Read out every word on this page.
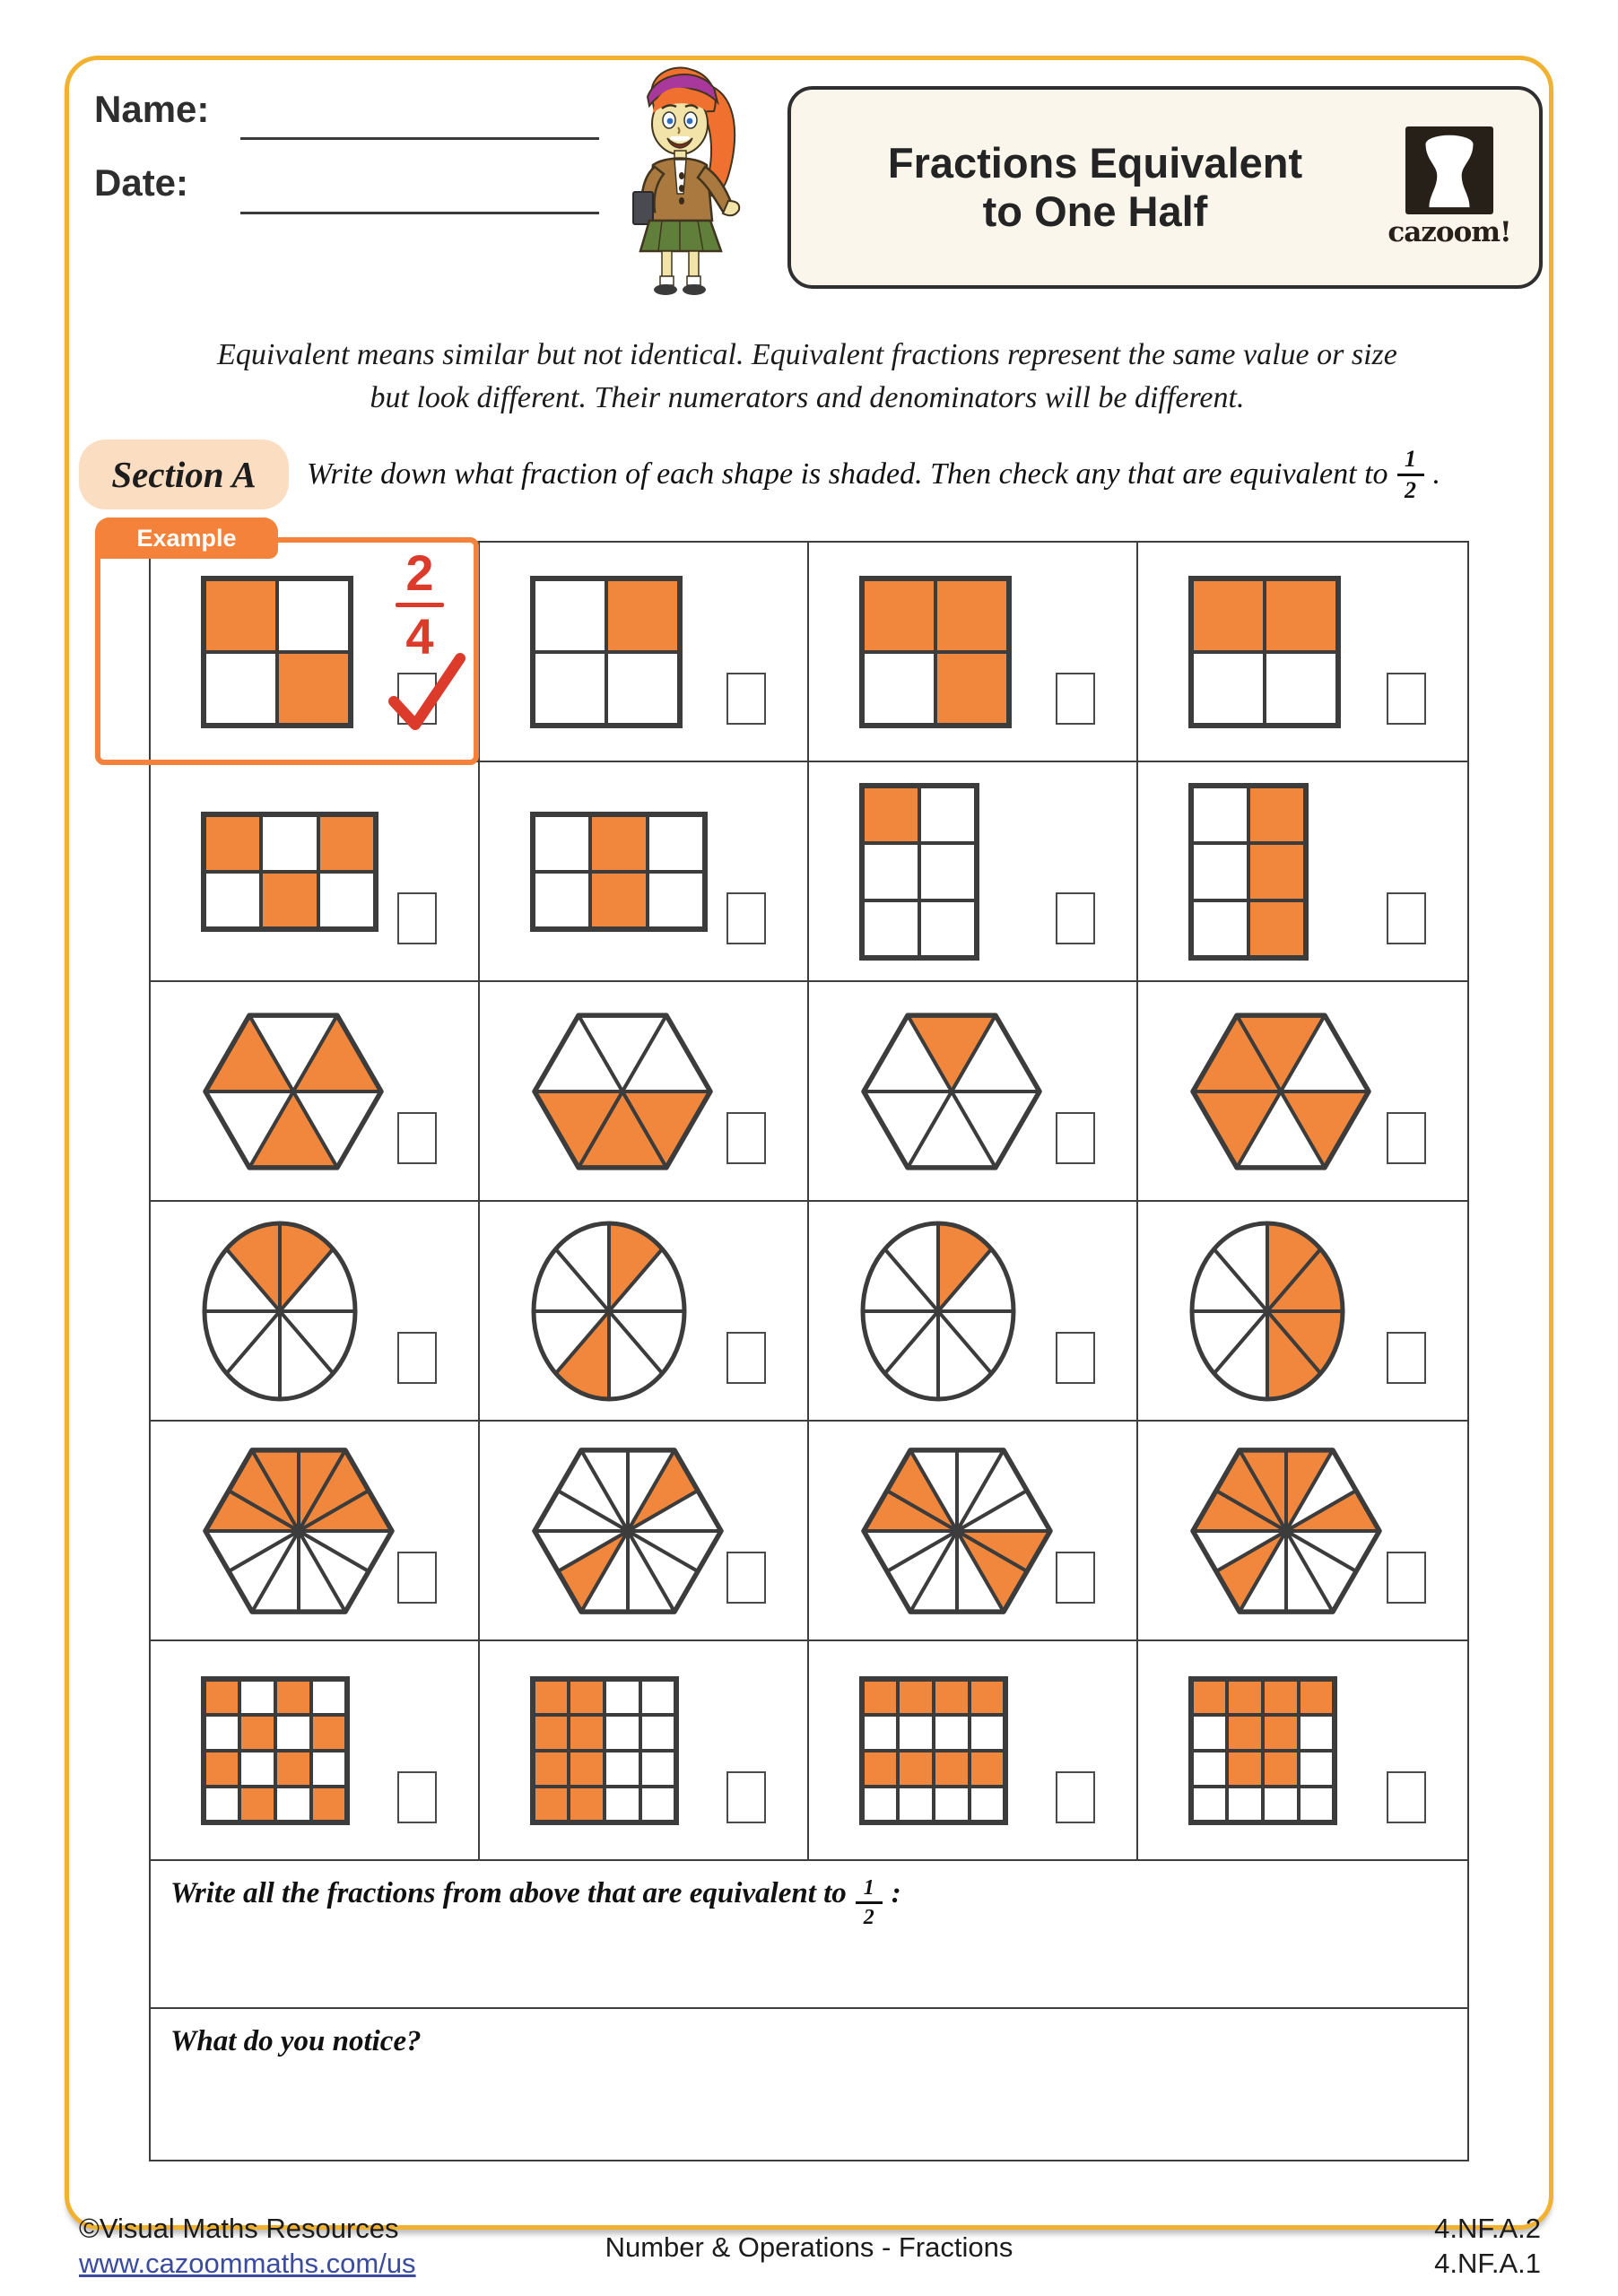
Name:
Date:	Fractions Equivalent
to One Half	cazoom!
Equivalent means similar but not identical. Equivalent fractions represent the same value or size
but look different. Their numerators and denominators will be different.
Section A	Write down what fraction of each shape is shaded. Then check any that are equivalent to $\frac{1}{2}$ .
Write all the fractions from above that are equivalent to $\frac{1}{2}$ :
What do you notice?
Example
2
4
©Visual Maths Resources
www.cazoommaths.com/us
Number & Operations - Fractions
4.NF.A.2
4.NF.A.1
